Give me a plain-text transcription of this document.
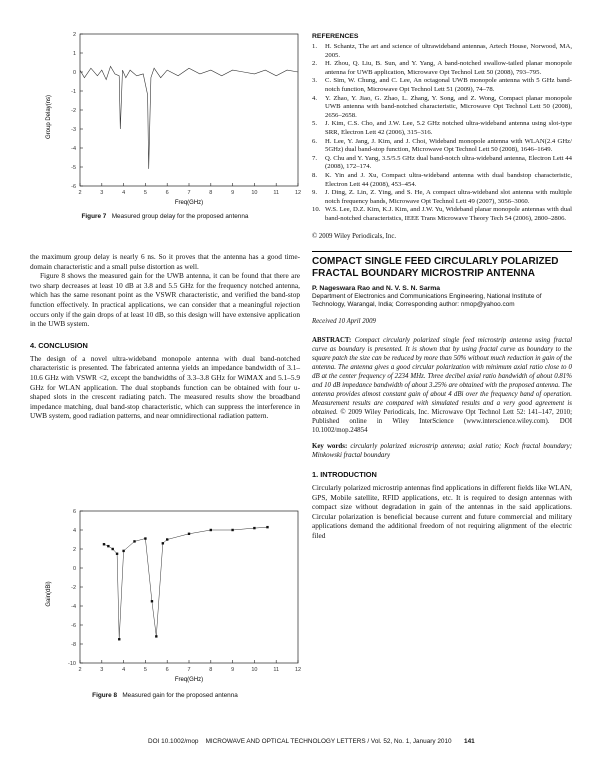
2	3	4	5	6	7	8	9	10	11	12
2
1
0
-1
-2
-3
-4
-5
-6
Group Delay(ns)
Freq(GHz)
Figure 7 Measured group delay for the proposed antenna

the maximum group delay is nearly 6 ns. So it proves that the antenna has a good time-domain characteristic and a small pulse distortion as well.

Figure 8 shows the measured gain for the UWB antenna, it can be found that there are two sharp decreases at least 10 dB at 3.8 and 5.5 GHz for the frequency notched antenna, which has the same resonant point as the VSWR characteristic, and verified the band-stop function effectively. In practical applications, we can consider that a meaningful rejection occurs only if the gain drops of at least 10 dB, so this design will have extensive application in the UWB system.

4. CONCLUSION

The design of a novel ultra-wideband monopole antenna with dual band-notched characteristic is presented. The fabricated antenna yields an impedance bandwidth of 3.1–10.6 GHz with VSWR <2, except the bandwidths of 3.3–3.8 GHz for WiMAX and 5.1–5.9 GHz for WLAN application. The dual stopbands function can be obtained with four u-shaped slots in the crescent radiating patch. The measured results show the broadband impedance matching, dual band-stop characteristic, which can suppress the interference in UWB system, good radiation patterns, and near omnidirectional radiation pattern.

2	3	4	5	6	7	8	9	10	11	12
6
4
2
0
-2
-4
-6
-8
-10
Gain(dBi)
Freq(GHz)
Figure 8 Measured gain for the proposed antenna

REFERENCES

1.	H. Schantz, The art and science of ultrawideband antennas, Artech House, Norwood, MA, 2005.
2.	H. Zhou, Q. Liu, B. Sun, and Y. Yang, A band-notched swallow-tailed planar monopole antenna for UWB application, Microwave Opt Technol Lett 50 (2008), 793–795.
3.	C. Sim, W. Chung, and C. Lee, An octagonal UWB monopole antenna with 5 GHz band-notch function, Microwave Opt Technol Lett 51 (2009), 74–78.
4.	Y. Zhao, Y. Jiao, G. Zhao, L. Zhang, Y. Song, and Z. Wong, Compact planar monopole UWB antenna with band-notched characteristic, Microwave Opt Technol Lett 50 (2008), 2656–2658.
5.	J. Kim, C.S. Cho, and J.W. Lee, 5.2 GHz notched ultra-wideband antenna using slot-type SRR, Electron Lett 42 (2006), 315–316.
6.	H. Lee, Y. Jang, J. Kim, and J. Choi, Wideband monopole antenna with WLAN(2.4 GHz/ 5GHz) dual band-stop function, Microwave Opt Technol Lett 50 (2008), 1646–1649.
7.	Q. Chu and Y. Yang, 3.5/5.5 GHz dual band-notch ultra-wideband antenna, Electron Lett 44 (2008), 172–174.
8.	K. Yin and J. Xu, Compact ultra-wideband antenna with dual bandstop characteristic, Electron Lett 44 (2008), 453–454.
9.	J. Ding, Z. Lin, Z. Ying, and S. He, A compact ultra-wideband slot antenna with multiple notch frequency bands, Microwave Opt Technol Lett 49 (2007), 3056–3060.
10. W.S. Lee, D.Z. Kim, K.J. Kim, and J.W. Yu, Wideband planar monopole antennas with dual band-notched characteristics, IEEE Trans Microwave Theory Tech 54 (2006), 2800–2806.

© 2009 Wiley Periodicals, Inc.

COMPACT SINGLE FEED CIRCULARLY POLARIZED FRACTAL BOUNDARY MICROSTRIP ANTENNA

P. Nageswara Rao and N. V. S. N. Sarma

Department of Electronics and Communications Engineering, National Institute of Technology, Warangal, India; Corresponding author: nmop@yahoo.com

Received 10 April 2009

ABSTRACT: Compact circularly polarized single feed microstrip antenna using fractal curve as boundary is presented. It is shown that by using fractal curve as boundary to the square patch the size can be reduced by more than 50% without much reduction in gain of the antenna. The antenna gives a good circular polarization with minimum axial ratio close to 0 dB at the center frequency of 2234 MHz. Three decibel axial ratio bandwidth of about 0.81% and 10 dB impedance bandwidth of about 3.25% are obtained with the proposed antenna. The antenna provides almost constant gain of about 4 dBi over the frequency band of operation. Measurement results are compared with simulated results and a very good agreement is obtained. © 2009 Wiley Periodicals, Inc. Microwave Opt Technol Lett 52: 141–147, 2010; Published online in Wiley InterScience (www.interscience.wiley.com). DOI 10.1002/mop.24854

Key words: circularly polarized microstrip antenna; axial ratio; Koch fractal boundary; Minkowski fractal boundary

1. INTRODUCTION

Circularly polarized microstrip antennas find applications in different fields like WLAN, GPS, Mobile satellite, RFID applications, etc. It is required to design antennas with compact size without degradation in gain of the antennas in the said applications. Circular polarization is beneficial because current and future commercial and military applications demand the additional freedom of not requiring alignment of the electric filed

DOI 10.1002/mop MICROWAVE AND OPTICAL TECHNOLOGY LETTERS / Vol. 52, No. 1, January 2010 141
